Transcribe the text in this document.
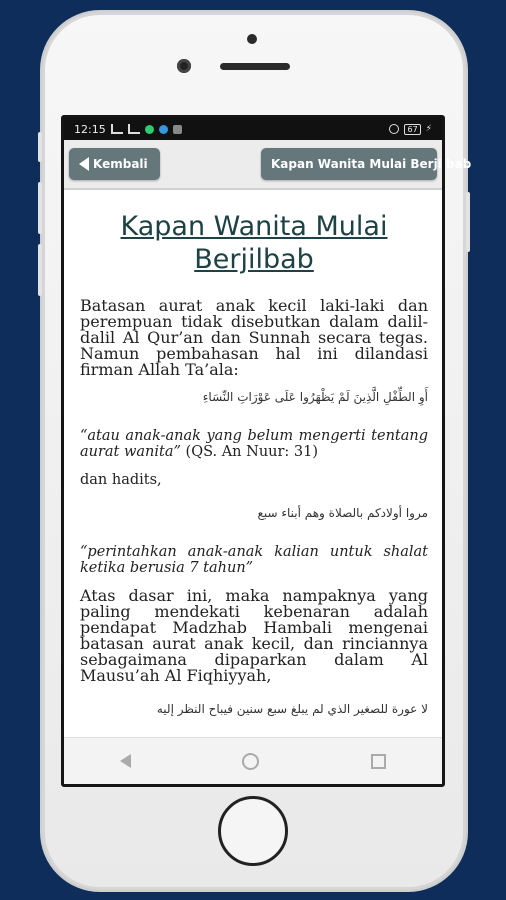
12:15	67 ⚡
Kembali	Kapan Wanita Mulai Berjilbab
Kapan Wanita Mulai Berjilbab

Batasan aurat anak kecil laki-laki dan perempuan tidak disebutkan dalam dalil-dalil Al Qur’an dan Sunnah secara tegas. Namun pembahasan hal ini dilandasi firman Allah Ta’ala:

أَوِ الطِّفْلِ الَّذِينَ لَمْ يَظْهَرُوا عَلَى عَوْرَاتِ النِّسَاءِ

“atau anak-anak yang belum mengerti tentang aurat wanita” (QS. An Nuur: 31)

dan hadits,

مروا أولادكم بالصلاة وهم أبناء سبع

“perintahkan anak-anak kalian untuk shalat ketika berusia 7 tahun”

Atas dasar ini, maka nampaknya yang paling mendekati kebenaran adalah pendapat Madzhab Hambali mengenai batasan aurat anak kecil, dan rinciannya sebagaimana dipaparkan dalam Al Mausu’ah Al Fiqhiyyah,

لا عورة للصغير الذي لم يبلغ سبع سنين فيباح النظر إليه
